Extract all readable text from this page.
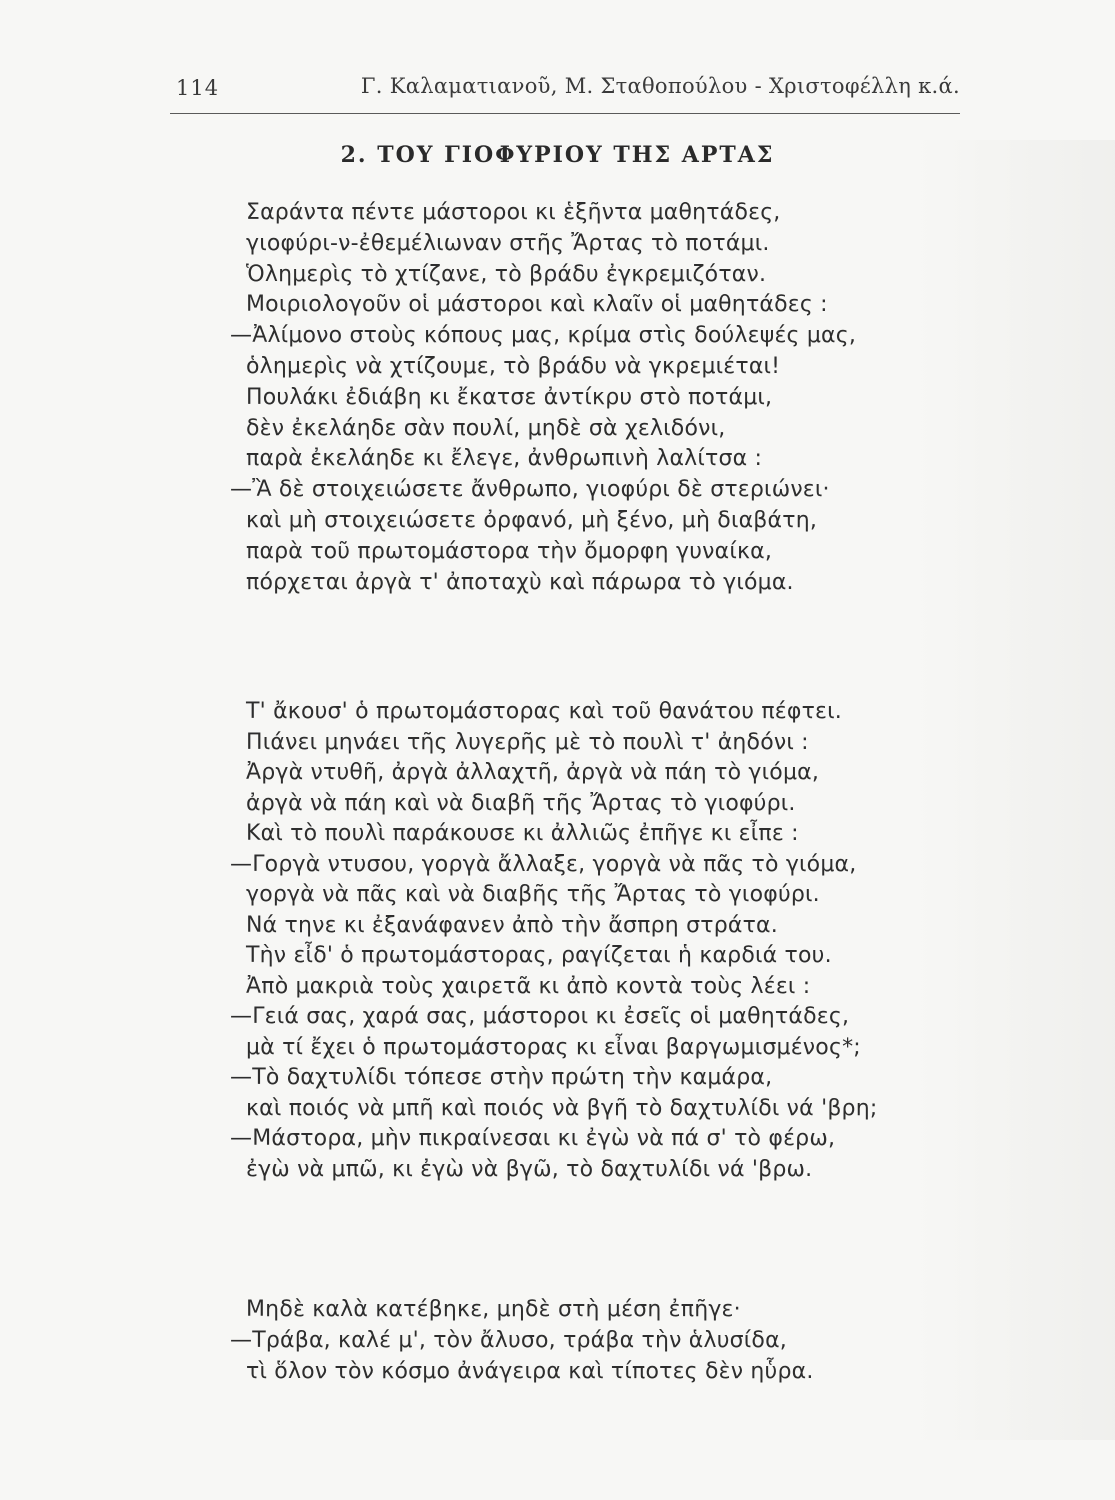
114	Γ. Καλαματιανοῦ, Μ. Σταθοπούλου - Χριστοφέλλη κ.ά.
2. ΤΟΥ ΓΙΟΦΥΡΙΟΥ ΤΗΣ ΑΡΤΑΣ
Σαράντα πέντε μάστοροι κι ἑξῆντα μαθητάδες,
γιοφύρι-ν-ἐθεμέλιωναν στῆς Ἄρτας τὸ ποτάμι.
Ὁλημερὶς τὸ χτίζανε, τὸ βράδυ ἐγκρεμιζόταν.
Μοιριολογοῦν οἱ μάστοροι καὶ κλαῖν οἱ μαθητάδες :
—Ἀλίμονο στοὺς κόπους μας, κρίμα στὶς δούλεψές μας,
ὁλημερὶς νὰ χτίζουμε, τὸ βράδυ νὰ γκρεμιέται!
Πουλάκι ἐδιάβη κι ἔκατσε ἀντίκρυ στὸ ποτάμι,
δὲν ἐκελάηδε σὰν πουλί, μηδὲ σὰ χελιδόνι,
παρὰ ἐκελάηδε κι ἔλεγε, ἀνθρωπινὴ λαλίτσα :
—Ἂ δὲ στοιχειώσετε ἄνθρωπο, γιοφύρι δὲ στεριώνει·
καὶ μὴ στοιχειώσετε ὀρφανό, μὴ ξένο, μὴ διαβάτη,
παρὰ τοῦ πρωτομάστορα τὴν ὄμορφη γυναίκα,
πόρχεται ἀργὰ τ' ἀποταχὺ καὶ πάρωρα τὸ γιόμα.
Τ' ἄκουσ' ὁ πρωτομάστορας καὶ τοῦ θανάτου πέφτει.
Πιάνει μηνάει τῆς λυγερῆς μὲ τὸ πουλὶ τ' ἀηδόνι :
Ἀργὰ ντυθῆ, ἀργὰ ἀλλαχτῆ, ἀργὰ νὰ πάη τὸ γιόμα,
ἀργὰ νὰ πάη καὶ νὰ διαβῆ τῆς Ἄρτας τὸ γιοφύρι.
Καὶ τὸ πουλὶ παράκουσε κι ἀλλιῶς ἐπῆγε κι εἶπε :
—Γοργὰ ντυσου, γοργὰ ἄλλαξε, γοργὰ νὰ πᾶς τὸ γιόμα,
γοργὰ νὰ πᾶς καὶ νὰ διαβῆς τῆς Ἄρτας τὸ γιοφύρι.
Νά τηνε κι ἐξανάφανεν ἀπὸ τὴν ἄσπρη στράτα.
Τὴν εἶδ' ὁ πρωτομάστορας, ραγίζεται ἡ καρδιά του.
Ἀπὸ μακριὰ τοὺς χαιρετᾶ κι ἀπὸ κοντὰ τοὺς λέει :
—Γειά σας, χαρά σας, μάστοροι κι ἐσεῖς οἱ μαθητάδες,
μὰ τί ἔχει ὁ πρωτομάστορας κι εἶναι βαργωμισμένος*;
—Τὸ δαχτυλίδι τόπεσε στὴν πρώτη τὴν καμάρα,
καὶ ποιός νὰ μπῆ καὶ ποιός νὰ βγῆ τὸ δαχτυλίδι νά 'βρη;
—Μάστορα, μὴν πικραίνεσαι κι ἐγὼ νὰ πά σ' τὸ φέρω,
ἐγὼ νὰ μπῶ, κι ἐγὼ νὰ βγῶ, τὸ δαχτυλίδι νά 'βρω.
Μηδὲ καλὰ κατέβηκε, μηδὲ στὴ μέση ἐπῆγε·
—Τράβα, καλέ μ', τὸν ἄλυσο, τράβα τὴν ἁλυσίδα,
τὶ ὅλον τὸν κόσμο ἀνάγειρα καὶ τίποτες δὲν ηὗρα.
